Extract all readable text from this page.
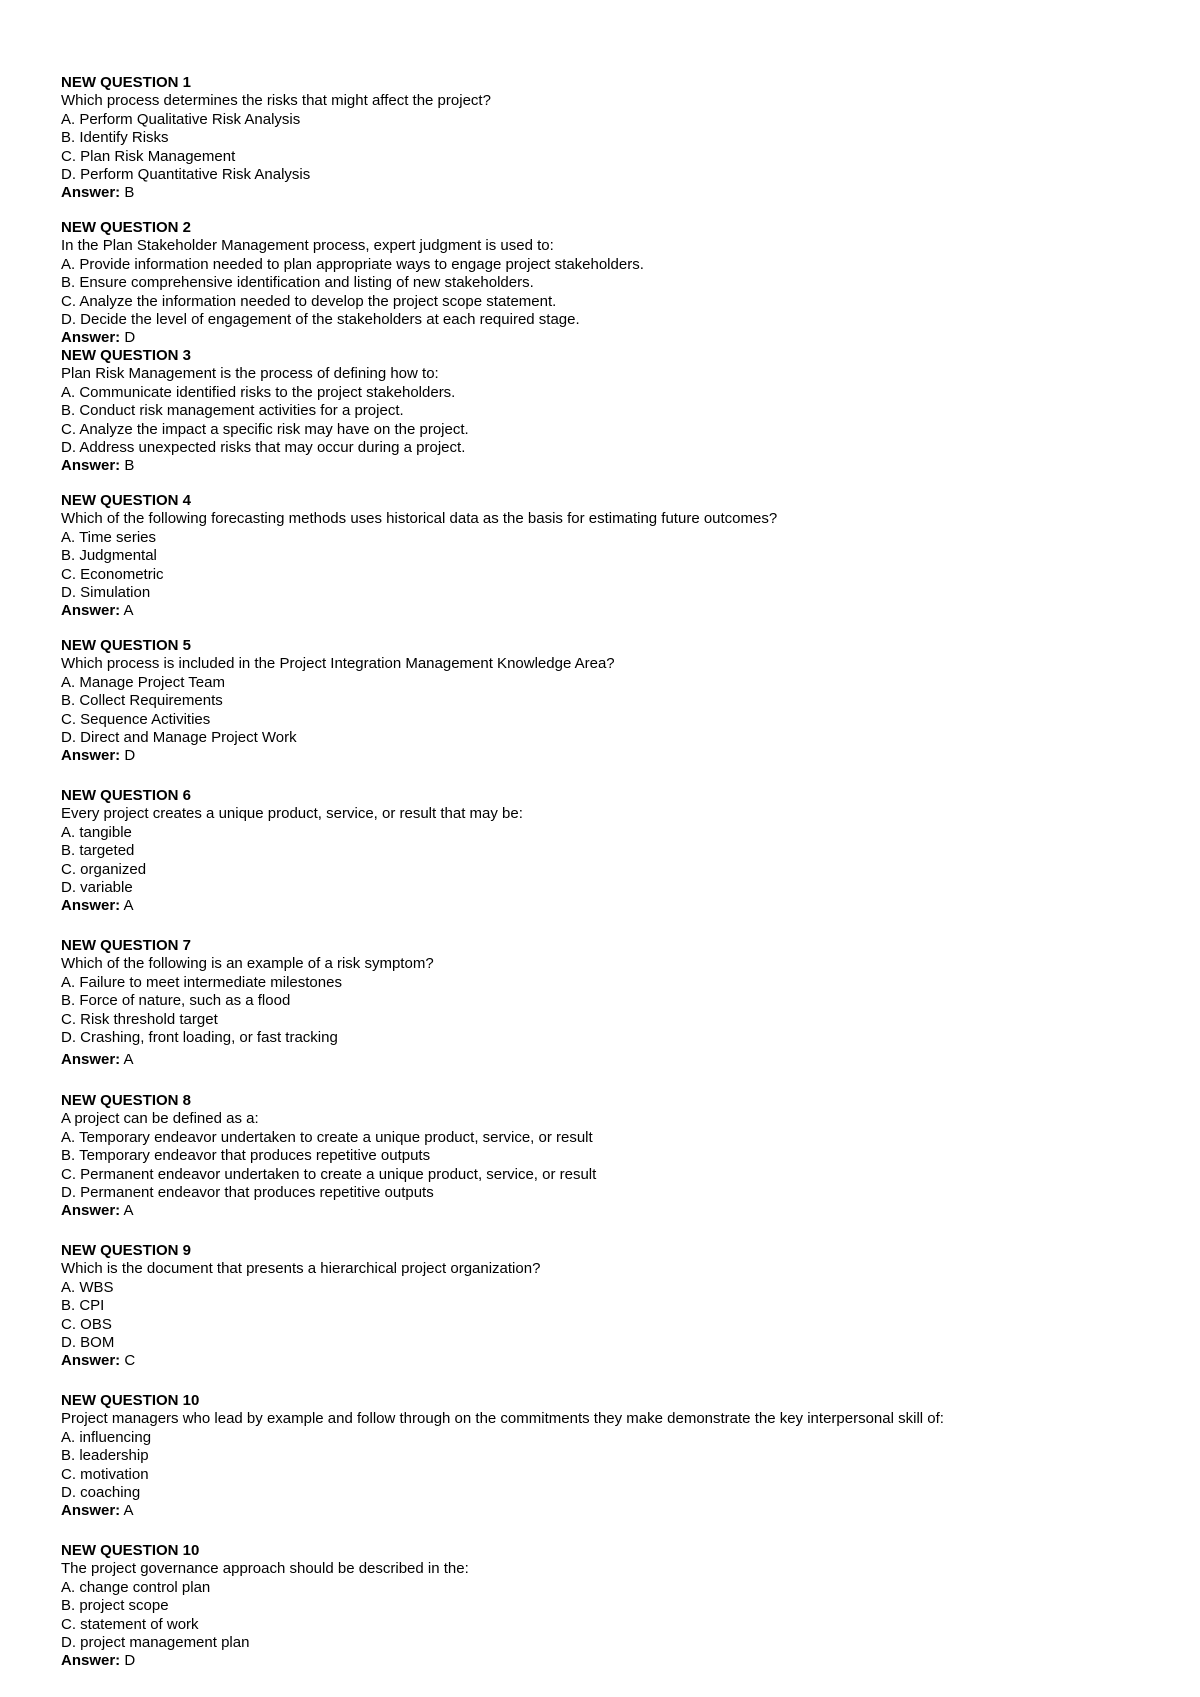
NEW QUESTION 1
Which process determines the risks that might affect the project?
A. Perform Qualitative Risk Analysis
B. Identify Risks
C. Plan Risk Management
D. Perform Quantitative Risk Analysis
Answer: B
NEW QUESTION 2
In the Plan Stakeholder Management process, expert judgment is used to:
A. Provide information needed to plan appropriate ways to engage project stakeholders.
B. Ensure comprehensive identification and listing of new stakeholders.
C. Analyze the information needed to develop the project scope statement.
D. Decide the level of engagement of the stakeholders at each required stage.
Answer: D
NEW QUESTION 3
Plan Risk Management is the process of defining how to:
A. Communicate identified risks to the project stakeholders.
B. Conduct risk management activities for a project.
C. Analyze the impact a specific risk may have on the project.
D. Address unexpected risks that may occur during a project.
Answer: B
NEW QUESTION 4
Which of the following forecasting methods uses historical data as the basis for estimating future outcomes?
A. Time series
B. Judgmental
C. Econometric
D. Simulation
Answer: A
NEW QUESTION 5
Which process is included in the Project Integration Management Knowledge Area?
A. Manage Project Team
B. Collect Requirements
C. Sequence Activities
D. Direct and Manage Project Work
Answer: D
NEW QUESTION 6
Every project creates a unique product, service, or result that may be:
A. tangible
B. targeted
C. organized
D. variable
Answer: A
NEW QUESTION 7
Which of the following is an example of a risk symptom?
A. Failure to meet intermediate milestones
B. Force of nature, such as a flood
C. Risk threshold target
D. Crashing, front loading, or fast tracking
Answer: A
NEW QUESTION 8
A project can be defined as a:
A. Temporary endeavor undertaken to create a unique product, service, or result
B. Temporary endeavor that produces repetitive outputs
C. Permanent endeavor undertaken to create a unique product, service, or result
D. Permanent endeavor that produces repetitive outputs
Answer: A
NEW QUESTION 9
Which is the document that presents a hierarchical project organization?
A. WBS
B. CPI
C. OBS
D. BOM
Answer: C
NEW QUESTION 10
Project managers who lead by example and follow through on the commitments they make demonstrate the key interpersonal skill of:
A. influencing
B. leadership
C. motivation
D. coaching
Answer: A
NEW QUESTION 10
The project governance approach should be described in the:
A. change control plan
B. project scope
C. statement of work
D. project management plan
Answer: D
